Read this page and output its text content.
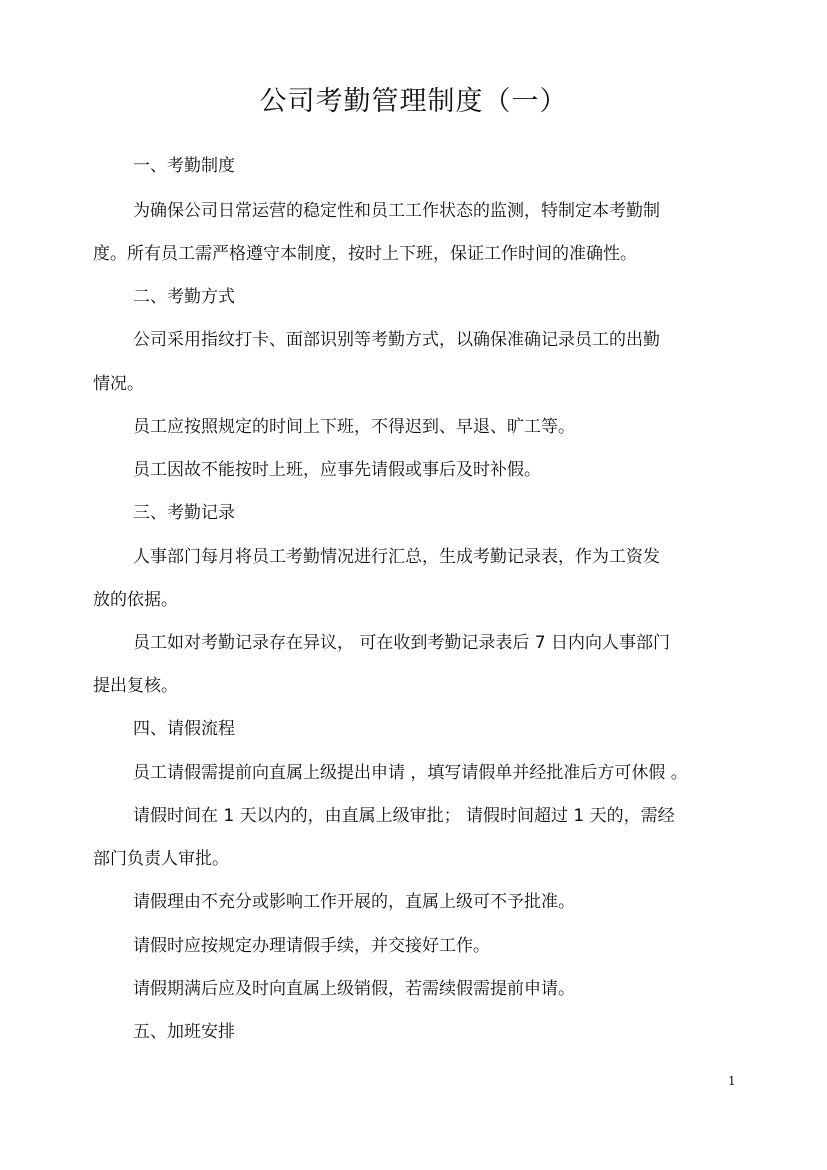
公司考勤管理制度（一）
一、考勤制度
为确保公司日常运营的稳定性和员工工作状态的监测，特制定本考勤制
度。所有员工需严格遵守本制度，按时上下班，保证工作时间的准确性。
二、考勤方式
公司采用指纹打卡、面部识别等考勤方式，以确保准确记录员工的出勤
情况。
员工应按照规定的时间上下班，不得迟到、早退、旷工等。
员工因故不能按时上班，应事先请假或事后及时补假。
三、考勤记录
人事部门每月将员工考勤情况进行汇总，生成考勤记录表，作为工资发
放的依据。
员工如对考勤记录存在异议， 可在收到考勤记录表后 7 日内向人事部门
提出复核。
四、请假流程
员工请假需提前向直属上级提出申请 ，填写请假单并经批准后方可休假 。
请假时间在 1 天以内的，由直属上级审批； 请假时间超过 1 天的，需经
部门负责人审批。
请假理由不充分或影响工作开展的，直属上级可不予批准。
请假时应按规定办理请假手续，并交接好工作。
请假期满后应及时向直属上级销假，若需续假需提前申请。
五、加班安排
1
